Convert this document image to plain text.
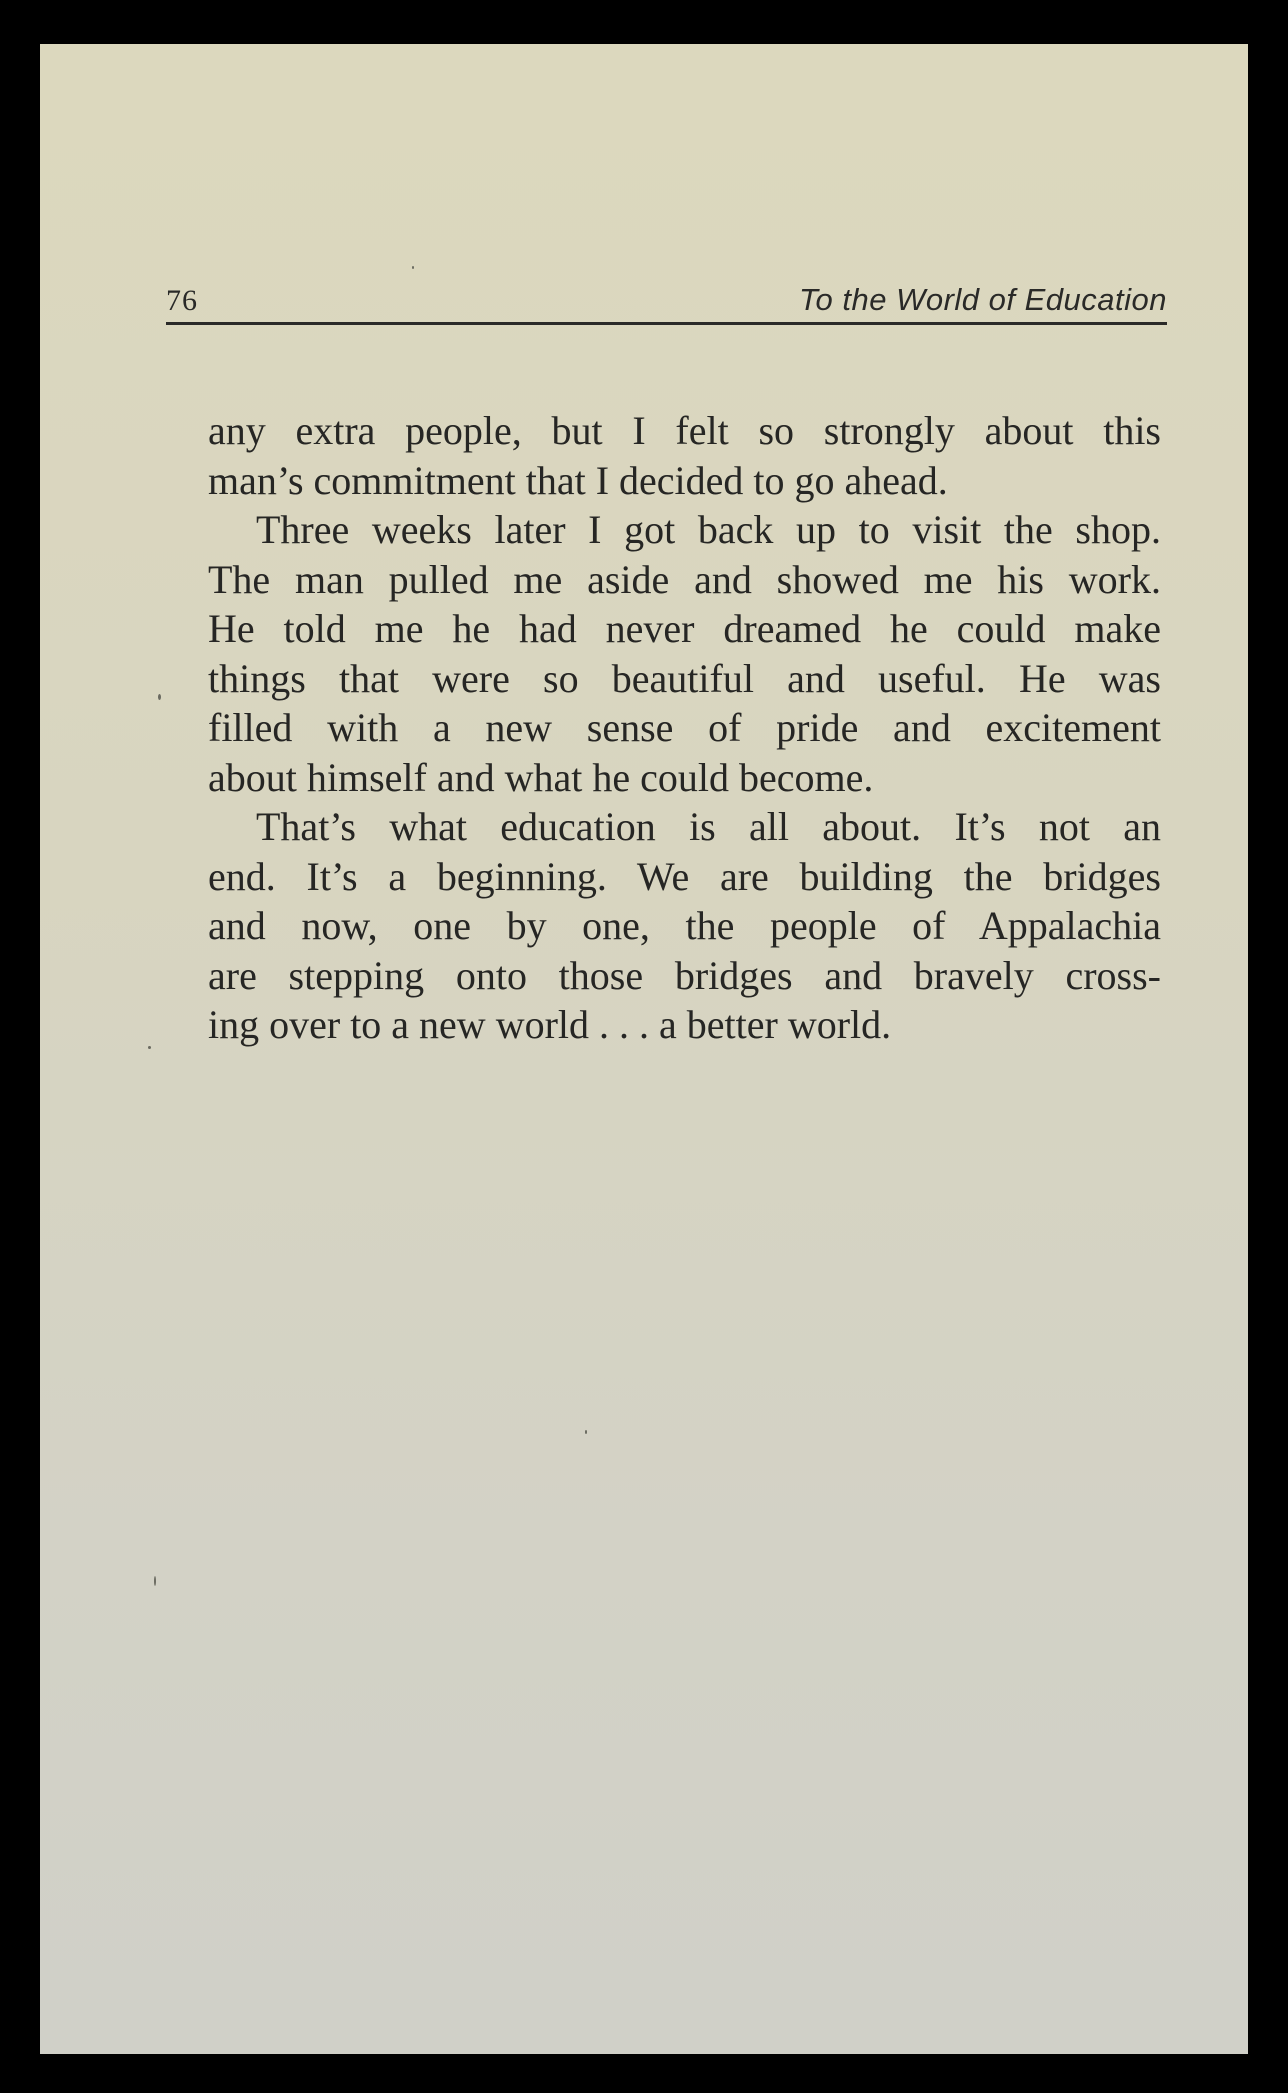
76	To the World of Education
any extra people, but I felt so strongly about this
man’s commitment that I decided to go ahead.
Three weeks later I got back up to visit the shop.
The man pulled me aside and showed me his work.
He told me he had never dreamed he could make
things that were so beautiful and useful. He was
filled with a new sense of pride and excitement
about himself and what he could become.
That’s what education is all about. It’s not an
end. It’s a beginning. We are building the bridges
and now, one by one, the people of Appalachia
are stepping onto those bridges and bravely cross-
ing over to a new world . . . a better world.
